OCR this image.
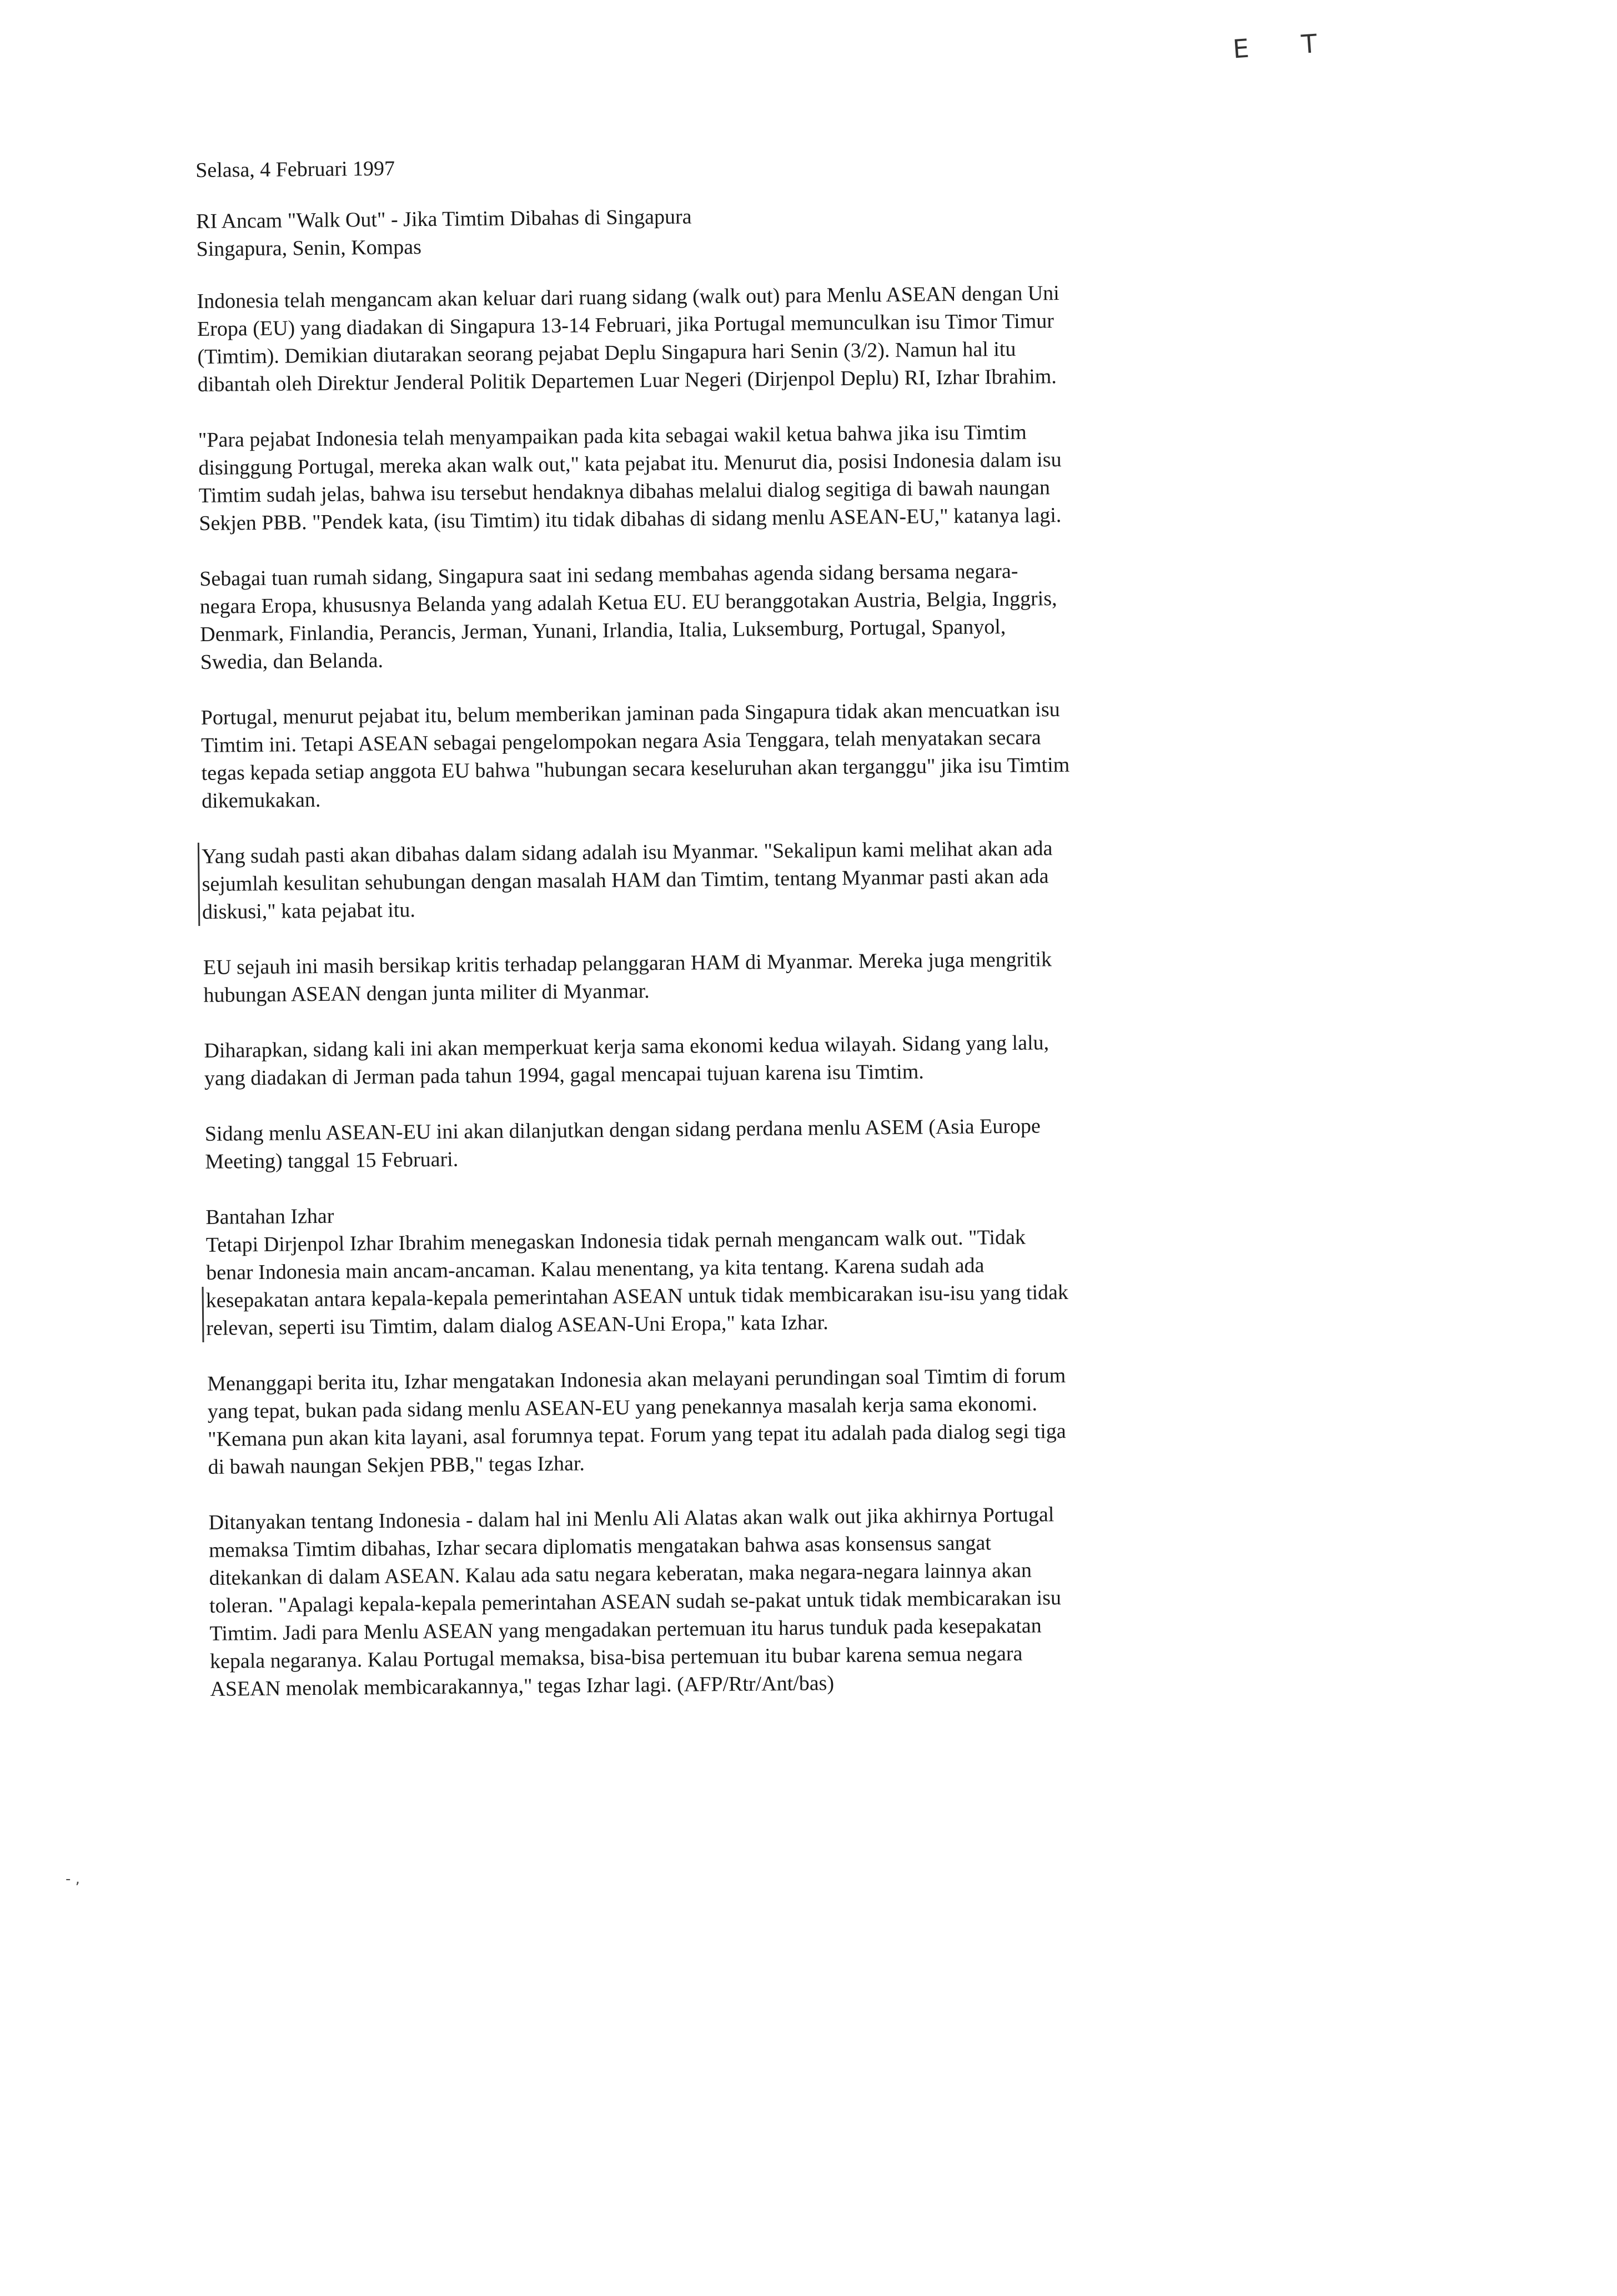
E T

Selasa, 4 Februari 1997

RI Ancam "Walk Out" - Jika Timtim Dibahas di Singapura

Singapura, Senin, Kompas

Indonesia telah mengancam akan keluar dari ruang sidang (walk out) para Menlu ASEAN dengan Uni
Eropa (EU) yang diadakan di Singapura 13-14 Februari, jika Portugal memunculkan isu Timor Timur
(Timtim). Demikian diutarakan seorang pejabat Deplu Singapura hari Senin (3/2). Namun hal itu
dibantah oleh Direktur Jenderal Politik Departemen Luar Negeri (Dirjenpol Deplu) RI, Izhar Ibrahim.
"Para pejabat Indonesia telah menyampaikan pada kita sebagai wakil ketua bahwa jika isu Timtim
disinggung Portugal, mereka akan walk out," kata pejabat itu. Menurut dia, posisi Indonesia dalam isu
Timtim sudah jelas, bahwa isu tersebut hendaknya dibahas melalui dialog segitiga di bawah naungan
Sekjen PBB. "Pendek kata, (isu Timtim) itu tidak dibahas di sidang menlu ASEAN-EU," katanya lagi.
Sebagai tuan rumah sidang, Singapura saat ini sedang membahas agenda sidang bersama negara-
negara Eropa, khususnya Belanda yang adalah Ketua EU. EU beranggotakan Austria, Belgia, Inggris,
Denmark, Finlandia, Perancis, Jerman, Yunani, Irlandia, Italia, Luksemburg, Portugal, Spanyol,
Swedia, dan Belanda.
Portugal, menurut pejabat itu, belum memberikan jaminan pada Singapura tidak akan mencuatkan isu
Timtim ini. Tetapi ASEAN sebagai pengelompokan negara Asia Tenggara, telah menyatakan secara
tegas kepada setiap anggota EU bahwa "hubungan secara keseluruhan akan terganggu" jika isu Timtim
dikemukakan.
Yang sudah pasti akan dibahas dalam sidang adalah isu Myanmar. "Sekalipun kami melihat akan ada
sejumlah kesulitan sehubungan dengan masalah HAM dan Timtim, tentang Myanmar pasti akan ada
diskusi," kata pejabat itu.
EU sejauh ini masih bersikap kritis terhadap pelanggaran HAM di Myanmar. Mereka juga mengritik
hubungan ASEAN dengan junta militer di Myanmar.
Diharapkan, sidang kali ini akan memperkuat kerja sama ekonomi kedua wilayah. Sidang yang lalu,
yang diadakan di Jerman pada tahun 1994, gagal mencapai tujuan karena isu Timtim.
Sidang menlu ASEAN-EU ini akan dilanjutkan dengan sidang perdana menlu ASEM (Asia Europe
Meeting) tanggal 15 Februari.

Bantahan Izhar

Tetapi Dirjenpol Izhar Ibrahim menegaskan Indonesia tidak pernah mengancam walk out. "Tidak
benar Indonesia main ancam-ancaman. Kalau menentang, ya kita tentang. Karena sudah ada
kesepakatan antara kepala-kepala pemerintahan ASEAN untuk tidak membicarakan isu-isu yang tidak
relevan, seperti isu Timtim, dalam dialog ASEAN-Uni Eropa," kata Izhar.
Menanggapi berita itu, Izhar mengatakan Indonesia akan melayani perundingan soal Timtim di forum
yang tepat, bukan pada sidang menlu ASEAN-EU yang penekannya masalah kerja sama ekonomi.
"Kemana pun akan kita layani, asal forumnya tepat. Forum yang tepat itu adalah pada dialog segi tiga
di bawah naungan Sekjen PBB," tegas Izhar.
Ditanyakan tentang Indonesia - dalam hal ini Menlu Ali Alatas akan walk out jika akhirnya Portugal
memaksa Timtim dibahas, Izhar secara diplomatis mengatakan bahwa asas konsensus sangat
ditekankan di dalam ASEAN. Kalau ada satu negara keberatan, maka negara-negara lainnya akan
toleran. "Apalagi kepala-kepala pemerintahan ASEAN sudah se-pakat untuk tidak membicarakan isu
Timtim. Jadi para Menlu ASEAN yang mengadakan pertemuan itu harus tunduk pada kesepakatan
kepala negaranya. Kalau Portugal memaksa, bisa-bisa pertemuan itu bubar karena semua negara
ASEAN menolak membicarakannya," tegas Izhar lagi. (AFP/Rtr/Ant/bas)
- ,
